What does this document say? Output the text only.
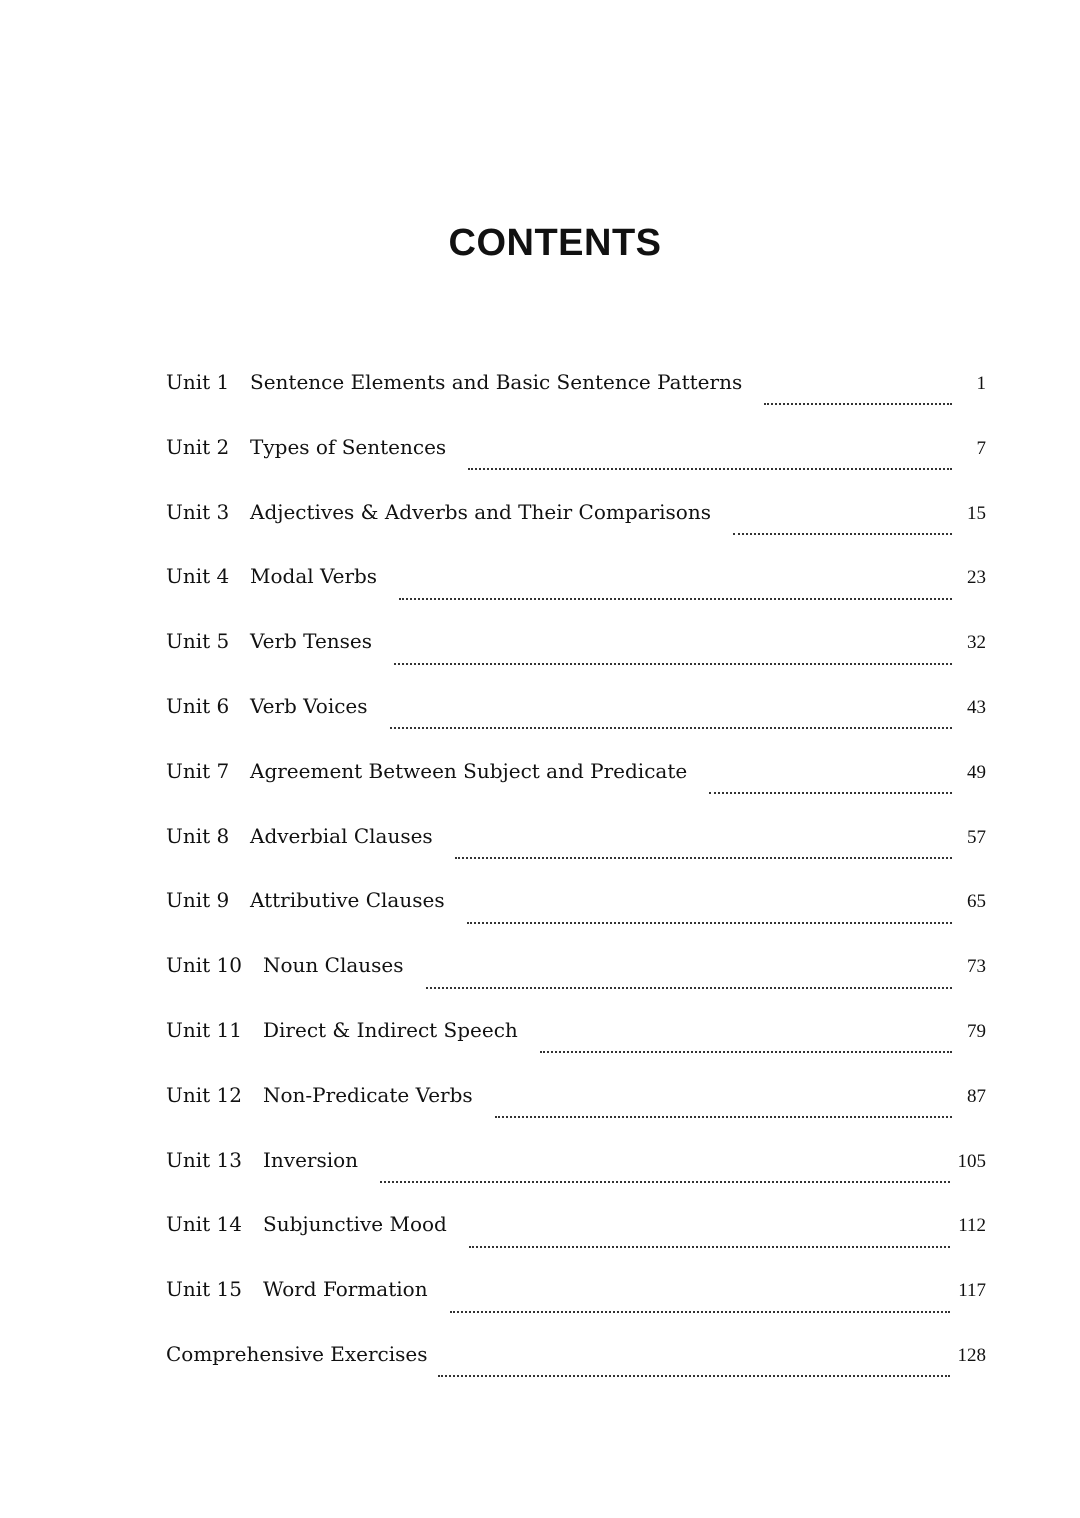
CONTENTS
Unit 1	Sentence Elements and Basic Sentence Patterns	1
Unit 2	Types of Sentences	7
Unit 3	Adjectives & Adverbs and Their Comparisons	15
Unit 4	Modal Verbs	23
Unit 5	Verb Tenses	32
Unit 6	Verb Voices	43
Unit 7	Agreement Between Subject and Predicate	49
Unit 8	Adverbial Clauses	57
Unit 9	Attributive Clauses	65
Unit 10	Noun Clauses	73
Unit 11	Direct & Indirect Speech	79
Unit 12	Non-Predicate Verbs	87
Unit 13	Inversion	105
Unit 14	Subjunctive Mood	112
Unit 15	Word Formation	117
Comprehensive Exercises	128
